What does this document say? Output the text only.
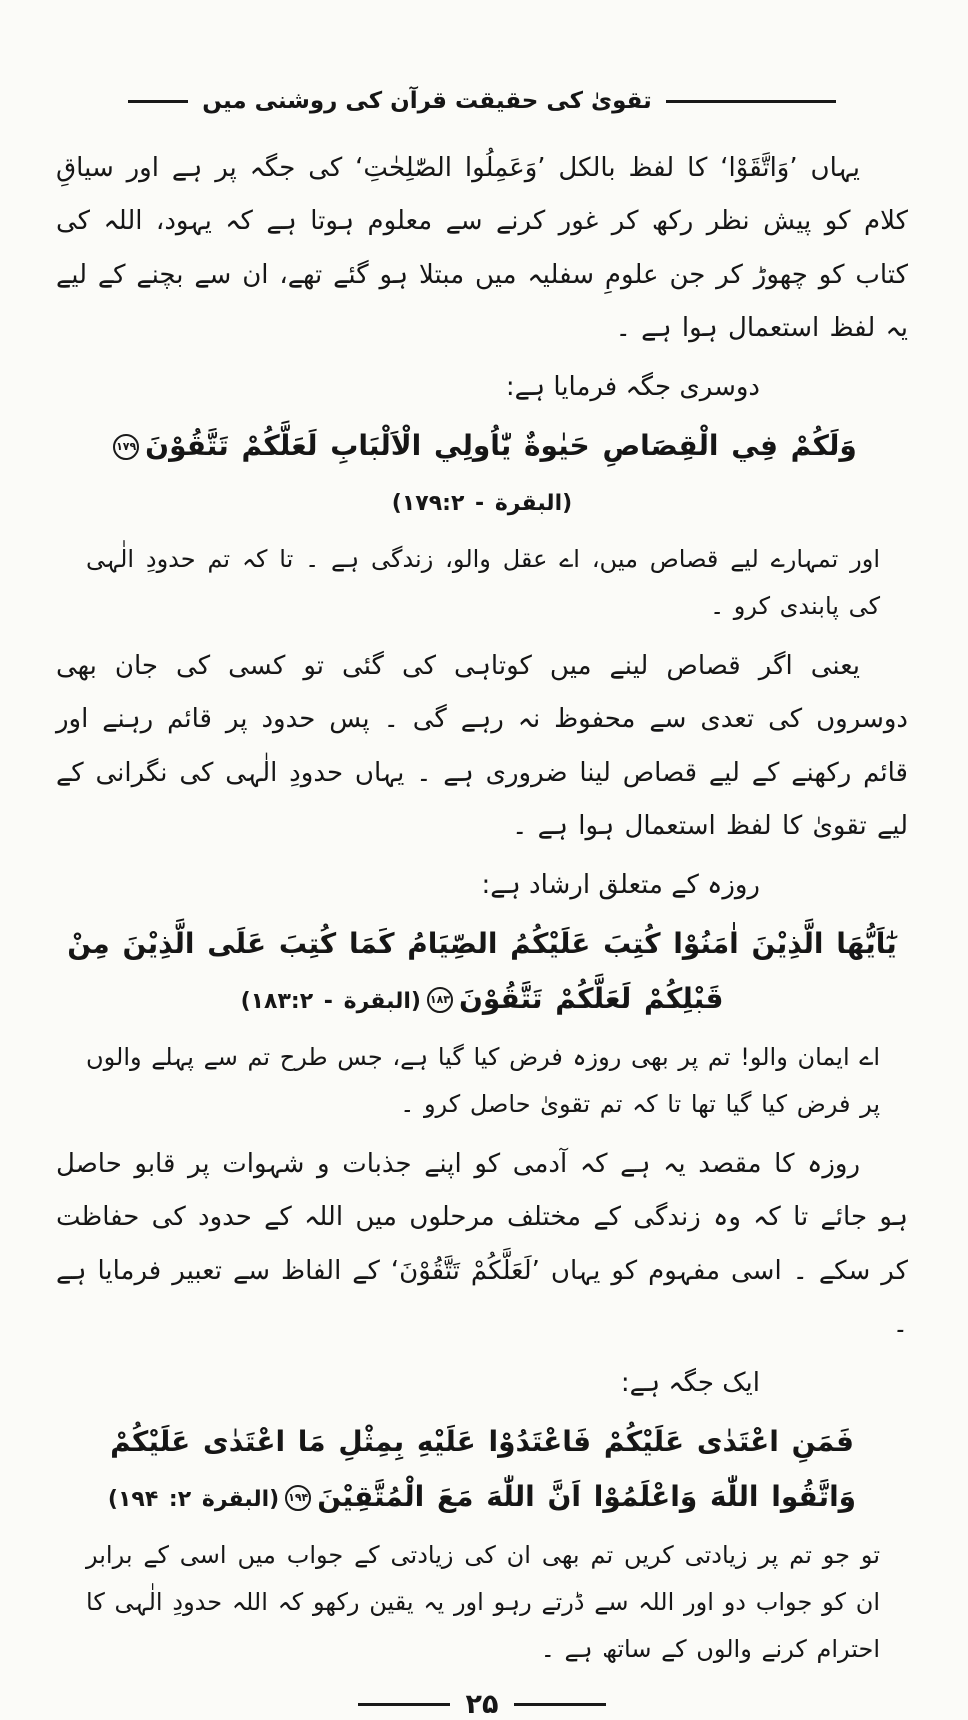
تقویٰ کی حقیقت قرآن کی روشنی میں

یہاں ’وَاتَّقَوْا‘ کا لفظ بالکل ’وَعَمِلُوا الصّٰلِحٰتِ‘ کی جگہ پر ہے اور سیاقِ کلام کو پیش نظر رکھ کر غور کرنے سے معلوم ہوتا ہے کہ یہود، اللہ کی کتاب کو چھوڑ کر جن علومِ سفلیہ میں مبتلا ہو گئے تھے، ان سے بچنے کے لیے یہ لفظ استعمال ہوا ہے ۔

دوسری جگہ فرمایا ہے:

وَلَكُمْ فِي الْقِصَاصِ حَيٰوةٌ يّٰاُولِي الْاَلْبَابِ لَعَلَّكُمْ تَتَّقُوْنَ۱۷۹(البقرة - ۱۷۹:۲)

اور تمہارے لیے قصاص میں، اے عقل والو، زندگی ہے ۔ تا کہ تم حدودِ الٰہی کی پابندی کرو ۔

یعنی اگر قصاص لینے میں کوتاہی کی گئی تو کسی کی جان بھی دوسروں کی تعدی سے محفوظ نہ رہے گی ۔ پس حدود پر قائم رہنے اور قائم رکھنے کے لیے قصاص لینا ضروری ہے ۔ یہاں حدودِ الٰہی کی نگرانی کے لیے تقویٰ کا لفظ استعمال ہوا ہے ۔

روزہ کے متعلق ارشاد ہے:

يٰٓاَيُّهَا الَّذِيْنَ اٰمَنُوْا كُتِبَ عَلَيْكُمُ الصِّيَامُ كَمَا كُتِبَ عَلَى الَّذِيْنَ مِنْ قَبْلِكُمْ لَعَلَّكُمْ تَتَّقُوْنَ۱۸۳(البقرة - ۱۸۳:۲)

اے ایمان والو! تم پر بھی روزہ فرض کیا گیا ہے، جس طرح تم سے پہلے والوں پر فرض کیا گیا تھا تا کہ تم تقویٰ حاصل کرو ۔

روزہ کا مقصد یہ ہے کہ آدمی کو اپنے جذبات و شہوات پر قابو حاصل ہو جائے تا کہ وہ زندگی کے مختلف مرحلوں میں اللہ کے حدود کی حفاظت کر سکے ۔ اسی مفہوم کو یہاں ’لَعَلَّكُمْ تَتَّقُوْنَ‘ کے الفاظ سے تعبیر فرمایا ہے ۔

ایک جگہ ہے:

فَمَنِ اعْتَدٰى عَلَيْكُمْ فَاعْتَدُوْا عَلَيْهِ بِمِثْلِ مَا اعْتَدٰى عَلَيْكُمْ وَاتَّقُوا اللّٰهَ وَاعْلَمُوْا اَنَّ اللّٰهَ مَعَ الْمُتَّقِيْنَ۱۹۴(البقرة ۲: ۱۹۴)

تو جو تم پر زیادتی کریں تم بھی ان کی زیادتی کے جواب میں اسی کے برابر ان کو جواب دو اور اللہ سے ڈرتے رہو اور یہ یقین رکھو کہ اللہ حدودِ الٰہی کا احترام کرنے والوں کے ساتھ ہے ۔

۲۵
